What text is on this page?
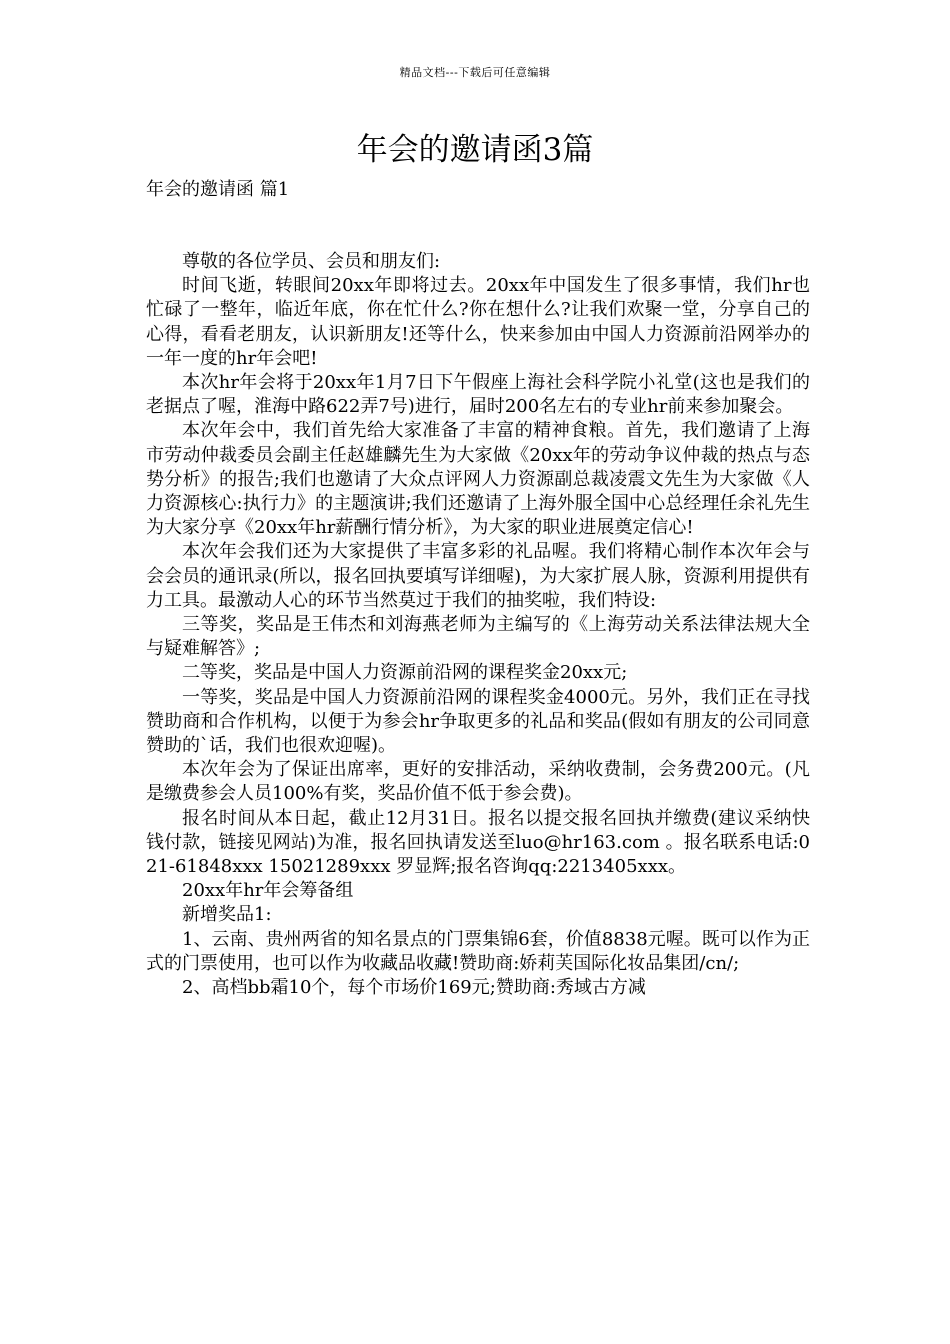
精品文档---下载后可任意编辑
年会的邀请函3篇
年会的邀请函 篇1

尊敬的各位学员、会员和朋友们:

时间飞逝，转眼间20xx年即将过去。20xx年中国发生了很多事情，我们hr也忙碌了一整年，临近年底，你在忙什么?你在想什么?让我们欢聚一堂，分享自己的心得，看看老朋友，认识新朋友!还等什么，快来参加由中国人力资源前沿网举办的一年一度的hr年会吧!

本次hr年会将于20xx年1月7日下午假座上海社会科学院小礼堂(这也是我们的老据点了喔，淮海中路622弄7号)进行，届时200名左右的专业hr前来参加聚会。

本次年会中，我们首先给大家准备了丰富的精神食粮。首先，我们邀请了上海市劳动仲裁委员会副主任赵雄麟先生为大家做《20xx年的劳动争议仲裁的热点与态势分析》的报告;我们也邀请了大众点评网人力资源副总裁凌震文先生为大家做《人力资源核心:执行力》的主题演讲;我们还邀请了上海外服全国中心总经理任余礼先生为大家分享《20xx年hr薪酬行情分析》，为大家的职业进展奠定信心!

本次年会我们还为大家提供了丰富多彩的礼品喔。我们将精心制作本次年会与会会员的通讯录(所以，报名回执要填写详细喔)，为大家扩展人脉，资源利用提供有力工具。最激动人心的环节当然莫过于我们的抽奖啦，我们特设:

三等奖，奖品是王伟杰和刘海燕老师为主编写的《上海劳动关系法律法规大全与疑难解答》;

二等奖，奖品是中国人力资源前沿网的课程奖金20xx元;

一等奖，奖品是中国人力资源前沿网的课程奖金4000元。另外，我们正在寻找赞助商和合作机构，以便于为参会hr争取更多的礼品和奖品(假如有朋友的公司同意赞助的`话，我们也很欢迎喔)。

本次年会为了保证出席率，更好的安排活动，采纳收费制，会务费200元。(凡是缴费参会人员100%有奖，奖品价值不低于参会费)。

报名时间从本日起，截止12月31日。报名以提交报名回执并缴费(建议采纳快钱付款，链接见网站)为准，报名回执请发送至luo@hr163.com 。报名联系电话:021-61848xxx 15021289xxx 罗显辉;报名咨询qq:2213405xxx。

20xx年hr年会筹备组

新增奖品1:

1、云南、贵州两省的知名景点的门票集锦6套，价值8838元喔。既可以作为正式的门票使用，也可以作为收藏品收藏!赞助商:娇莉芙国际化妆品集团/cn/;

2、高档bb霜10个，每个市场价169元;赞助商:秀域古方减
